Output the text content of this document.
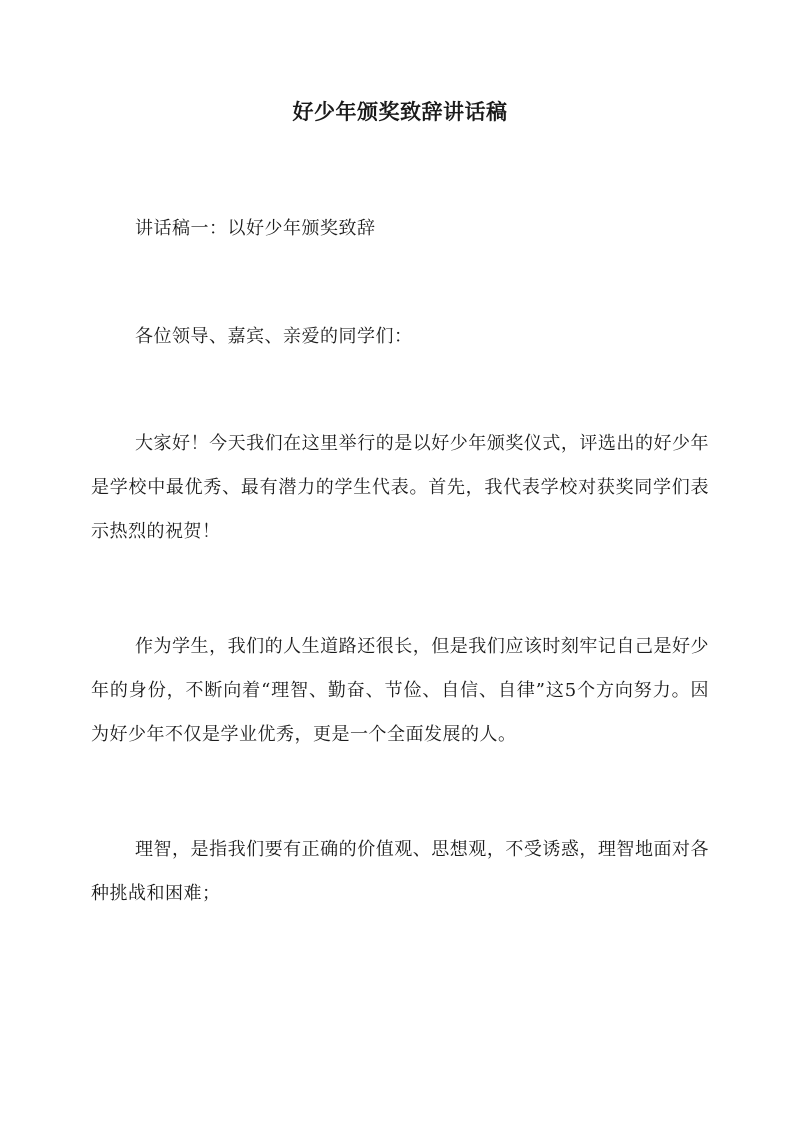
好少年颁奖致辞讲话稿

讲话稿一：以好少年颁奖致辞

各位领导、嘉宾、亲爱的同学们：

大家好！今天我们在这里举行的是以好少年颁奖仪式，评选出的好少年是学校中最优秀、最有潜力的学生代表。首先，我代表学校对获奖同学们表示热烈的祝贺！

作为学生，我们的人生道路还很长，但是我们应该时刻牢记自己是好少年的身份，不断向着“理智、勤奋、节俭、自信、自律”这5个方向努力。因为好少年不仅是学业优秀，更是一个全面发展的人。

理智，是指我们要有正确的价值观、思想观，不受诱惑，理智地面对各种挑战和困难；
